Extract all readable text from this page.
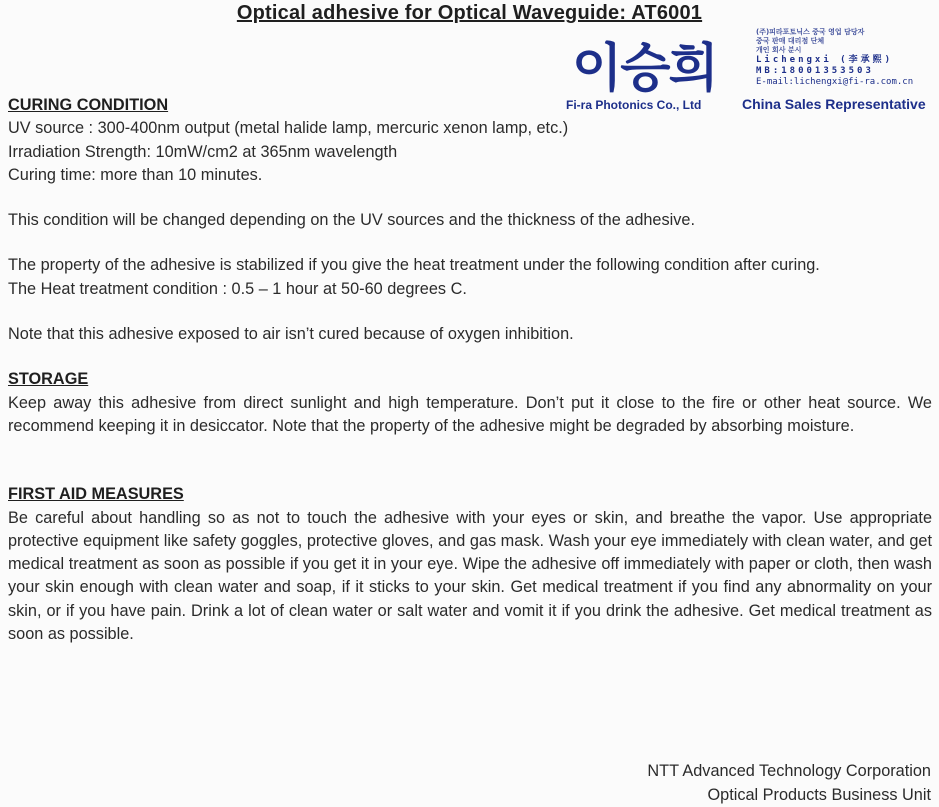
Optical adhesive for Optical Waveguide: AT6001
이승희
(주)피라포토닉스 중국 영업 담당자
중국 판매 대리점 단체
개인 회사 분시
Lichengxi (李承熙)
MB:18001353503
E-mail:lichengxi@fi-ra.com.cn
Fi-ra Photonics Co., Ltd	China Sales Representative

CURING CONDITION

UV source : 300-400nm output (metal halide lamp, mercuric xenon lamp, etc.)

Irradiation Strength: 10mW/cm2 at 365nm wavelength

Curing time: more than 10 minutes.

This condition will be changed depending on the UV sources and the thickness of the adhesive.

The property of the adhesive is stabilized if you give the heat treatment under the following condition after curing.

The Heat treatment condition : 0.5 – 1 hour at 50-60 degrees C.

Note that this adhesive exposed to air isn’t cured because of oxygen inhibition.

STORAGE

Keep away this adhesive from direct sunlight and high temperature. Don’t put it close to the fire or other heat source. We recommend keeping it in desiccator. Note that the property of the adhesive might be degraded by absorbing moisture.

FIRST AID MEASURES

Be careful about handling so as not to touch the adhesive with your eyes or skin, and breathe the vapor. Use appropriate protective equipment like safety goggles, protective gloves, and gas mask. Wash your eye immediately with clean water, and get medical treatment as soon as possible if you get it in your eye. Wipe the adhesive off immediately with paper or cloth, then wash your skin enough with clean water and soap, if it sticks to your skin. Get medical treatment if you find any abnormality on your skin, or if you have pain. Drink a lot of clean water or salt water and vomit it if you drink the adhesive. Get medical treatment as soon as possible.

NTT Advanced Technology Corporation
Optical Products Business Unit
